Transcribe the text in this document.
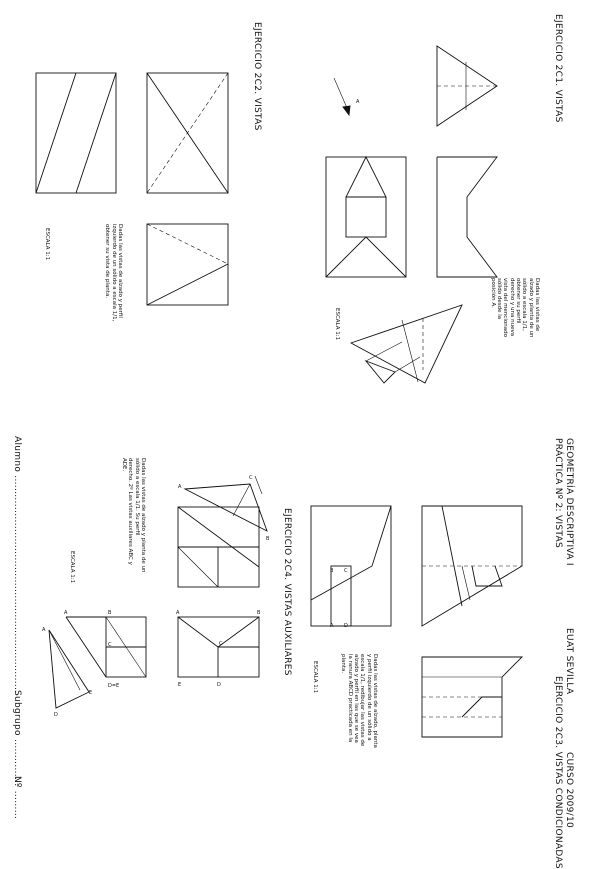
EJERCICIO 2C1. VISTAS
EJERCICIO 2C2. VISTAS
Dadas las vistas de alzado y planta de un
sólido a escala 1/1, obtener su perfil
derecho y una nueva vista del mencionado
sólido desde la posición A.
ESCALA 1:1
Dadas las vistas de alzado y perfil
izquierdo de un sólido a escala 1/1,
obtener su vista de planta.
ESCALA 1:1
GEOMETRÍA DESCRIPTIVA I
PRÁCTICA Nº 2: VISTAS
EUAT SEVILLA
CURSO 2009/10
EJERCICIO 2C3. VISTAS CONDICIONADAS
Dadas las vistas de alzado, planta
y perfil izquierdo de un sólido a
escala 1/1, redibujar las vistas de
alzado y perfil en las que se vea
la ranura ABCD practicada en la
planta.
ESCALA 1:1
EJERCICIO 2C4. VISTAS AUXILIARES
Dadas las vistas de alzado y planta de un
sólido a escala 1/1. Su perfil
derecho. 2º Las vistas auxiliares ABC y
ADE.
ESCALA 1:1
Alumno .....................................................................
Subgrupo ...............
Nº .........
A
B C
A D
A
C
B
A	B
C
E	D
A	B
C
D=E
A
E
D
